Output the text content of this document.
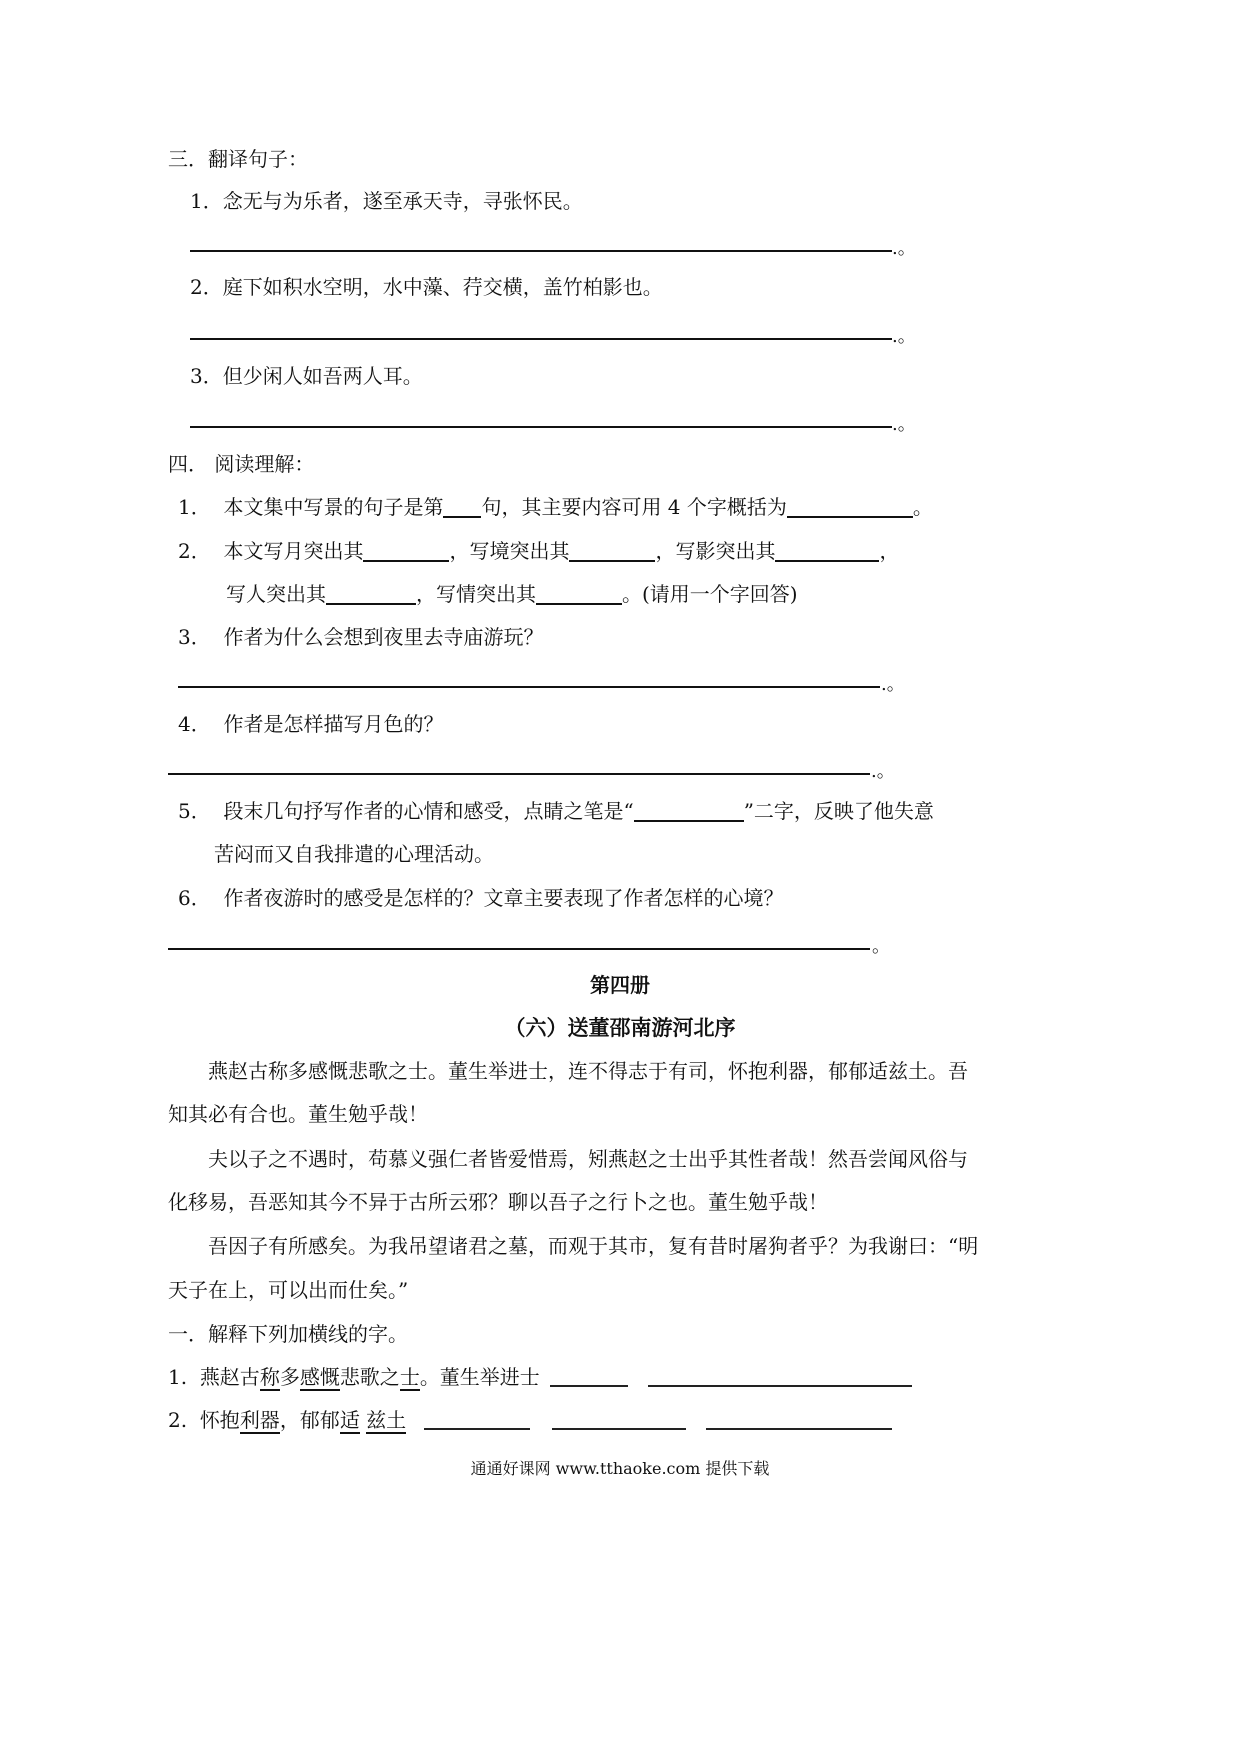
三．翻译句子：
1．念无与为乐者，遂至承天寺，寻张怀民。
.。
2．庭下如积水空明，水中藻、荇交横，盖竹柏影也。
.。
3．但少闲人如吾两人耳。
.。
四． 阅读理解：
1． 本文集中写景的句子是第 句，其主要内容可用 4 个字概括为	。
2． 本文写月突出其	，写境突出其	，写影突出其	，
写人突出其	，写情突出其	。(请用一个字回答)
3． 作者为什么会想到夜里去寺庙游玩？
.。
4． 作者是怎样描写月色的？
.。
5． 段末几句抒写作者的心情和感受，点睛之笔是“	”二字，反映了他失意
苦闷而又自我排遣的心理活动。
6． 作者夜游时的感受是怎样的？文章主要表现了作者怎样的心境？
。
第四册
（六）送董邵南游河北序
燕赵古称多感慨悲歌之士。董生举进士，连不得志于有司，怀抱利器，郁郁适兹土。吾
知其必有合也。董生勉乎哉！
夫以子之不遇时，苟慕义强仁者皆爱惜焉，矧燕赵之士出乎其性者哉！然吾尝闻风俗与
化移易，吾恶知其今不异于古所云邪？聊以吾子之行卜之也。董生勉乎哉！
吾因子有所感矣。为我吊望诸君之墓，而观于其市，复有昔时屠狗者乎？为我谢曰：“明
天子在上，可以出而仕矣。”
一．解释下列加横线的字。
1. 燕赵古称多感慨悲歌之士。董生举进士
2. 怀抱利器，郁郁适 兹土
通通好课网 www.tthaoke.com 提供下载
